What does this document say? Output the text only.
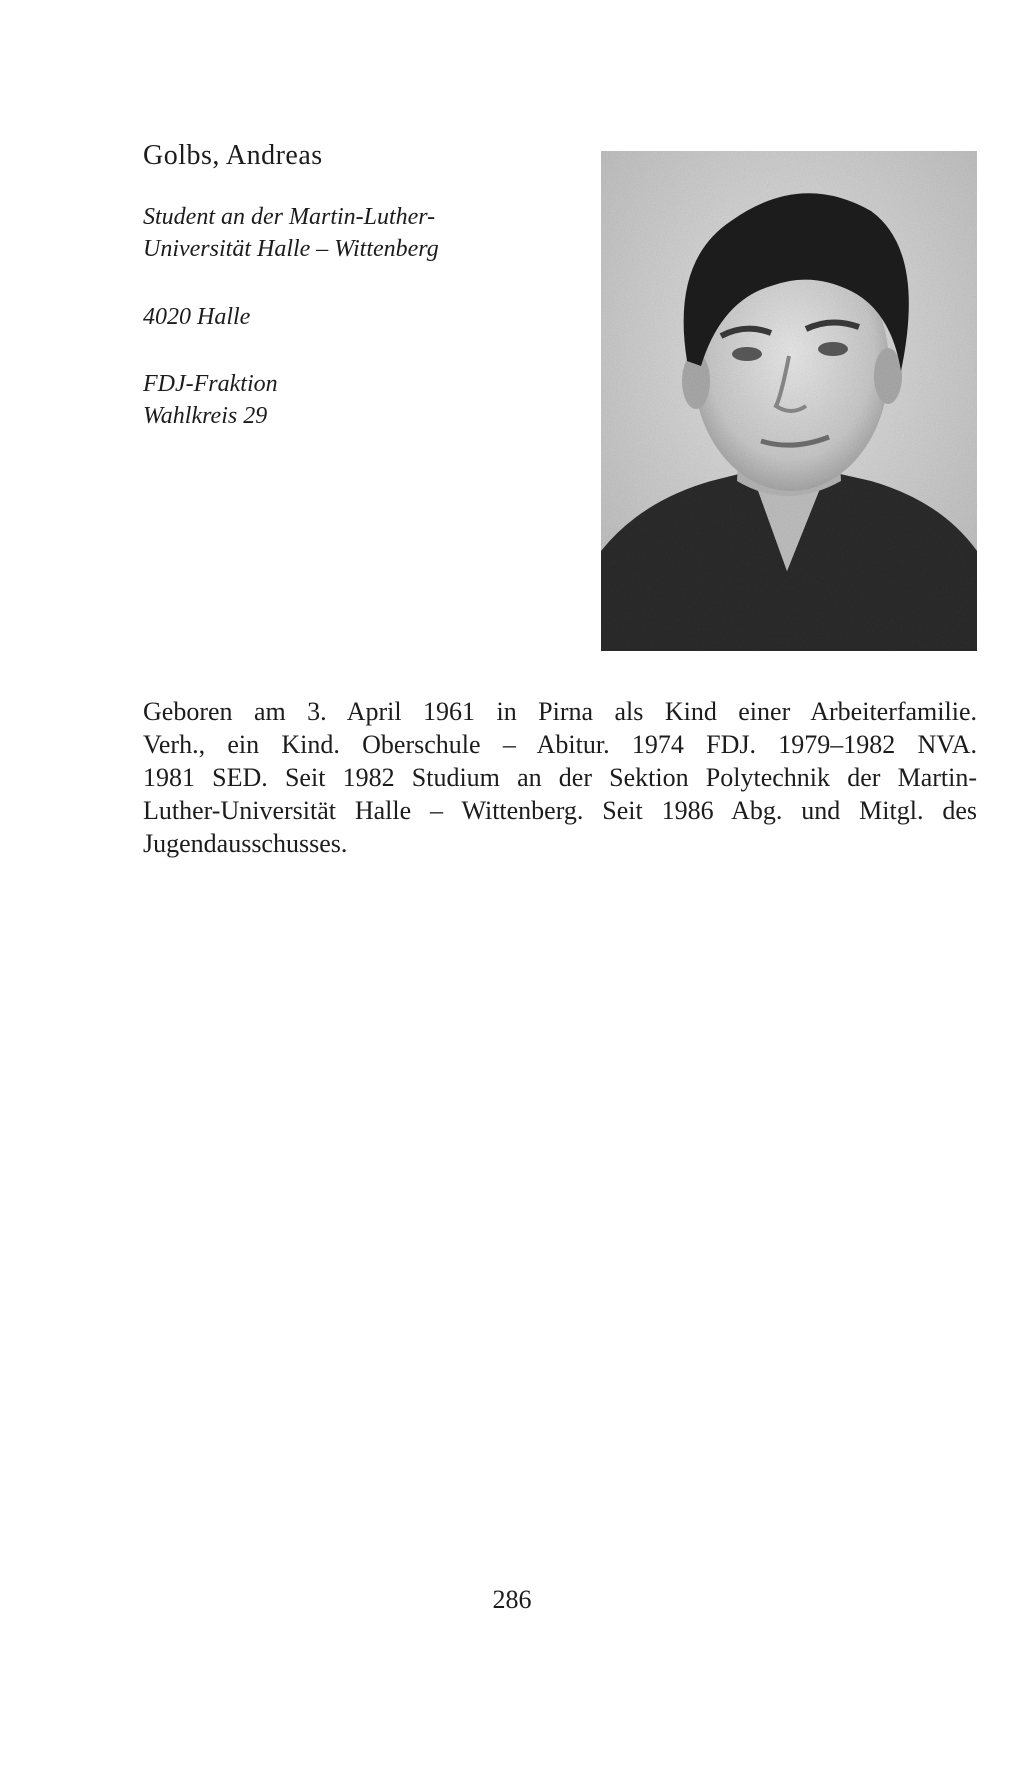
Golbs, Andreas

Student an der Martin-Luther-
Universität Halle – Wittenberg

4020 Halle

FDJ-Fraktion
Wahlkreis 29

Geboren am 3. April 1961 in Pirna als Kind einer Arbeiterfamilie.
Verh., ein Kind. Oberschule – Abitur. 1974 FDJ. 1979–1982 NVA.
1981 SED. Seit 1982 Studium an der Sektion Polytechnik der Martin-
Luther-Universität Halle – Wittenberg. Seit 1986 Abg. und Mitgl. des
Jugendausschusses.

286
